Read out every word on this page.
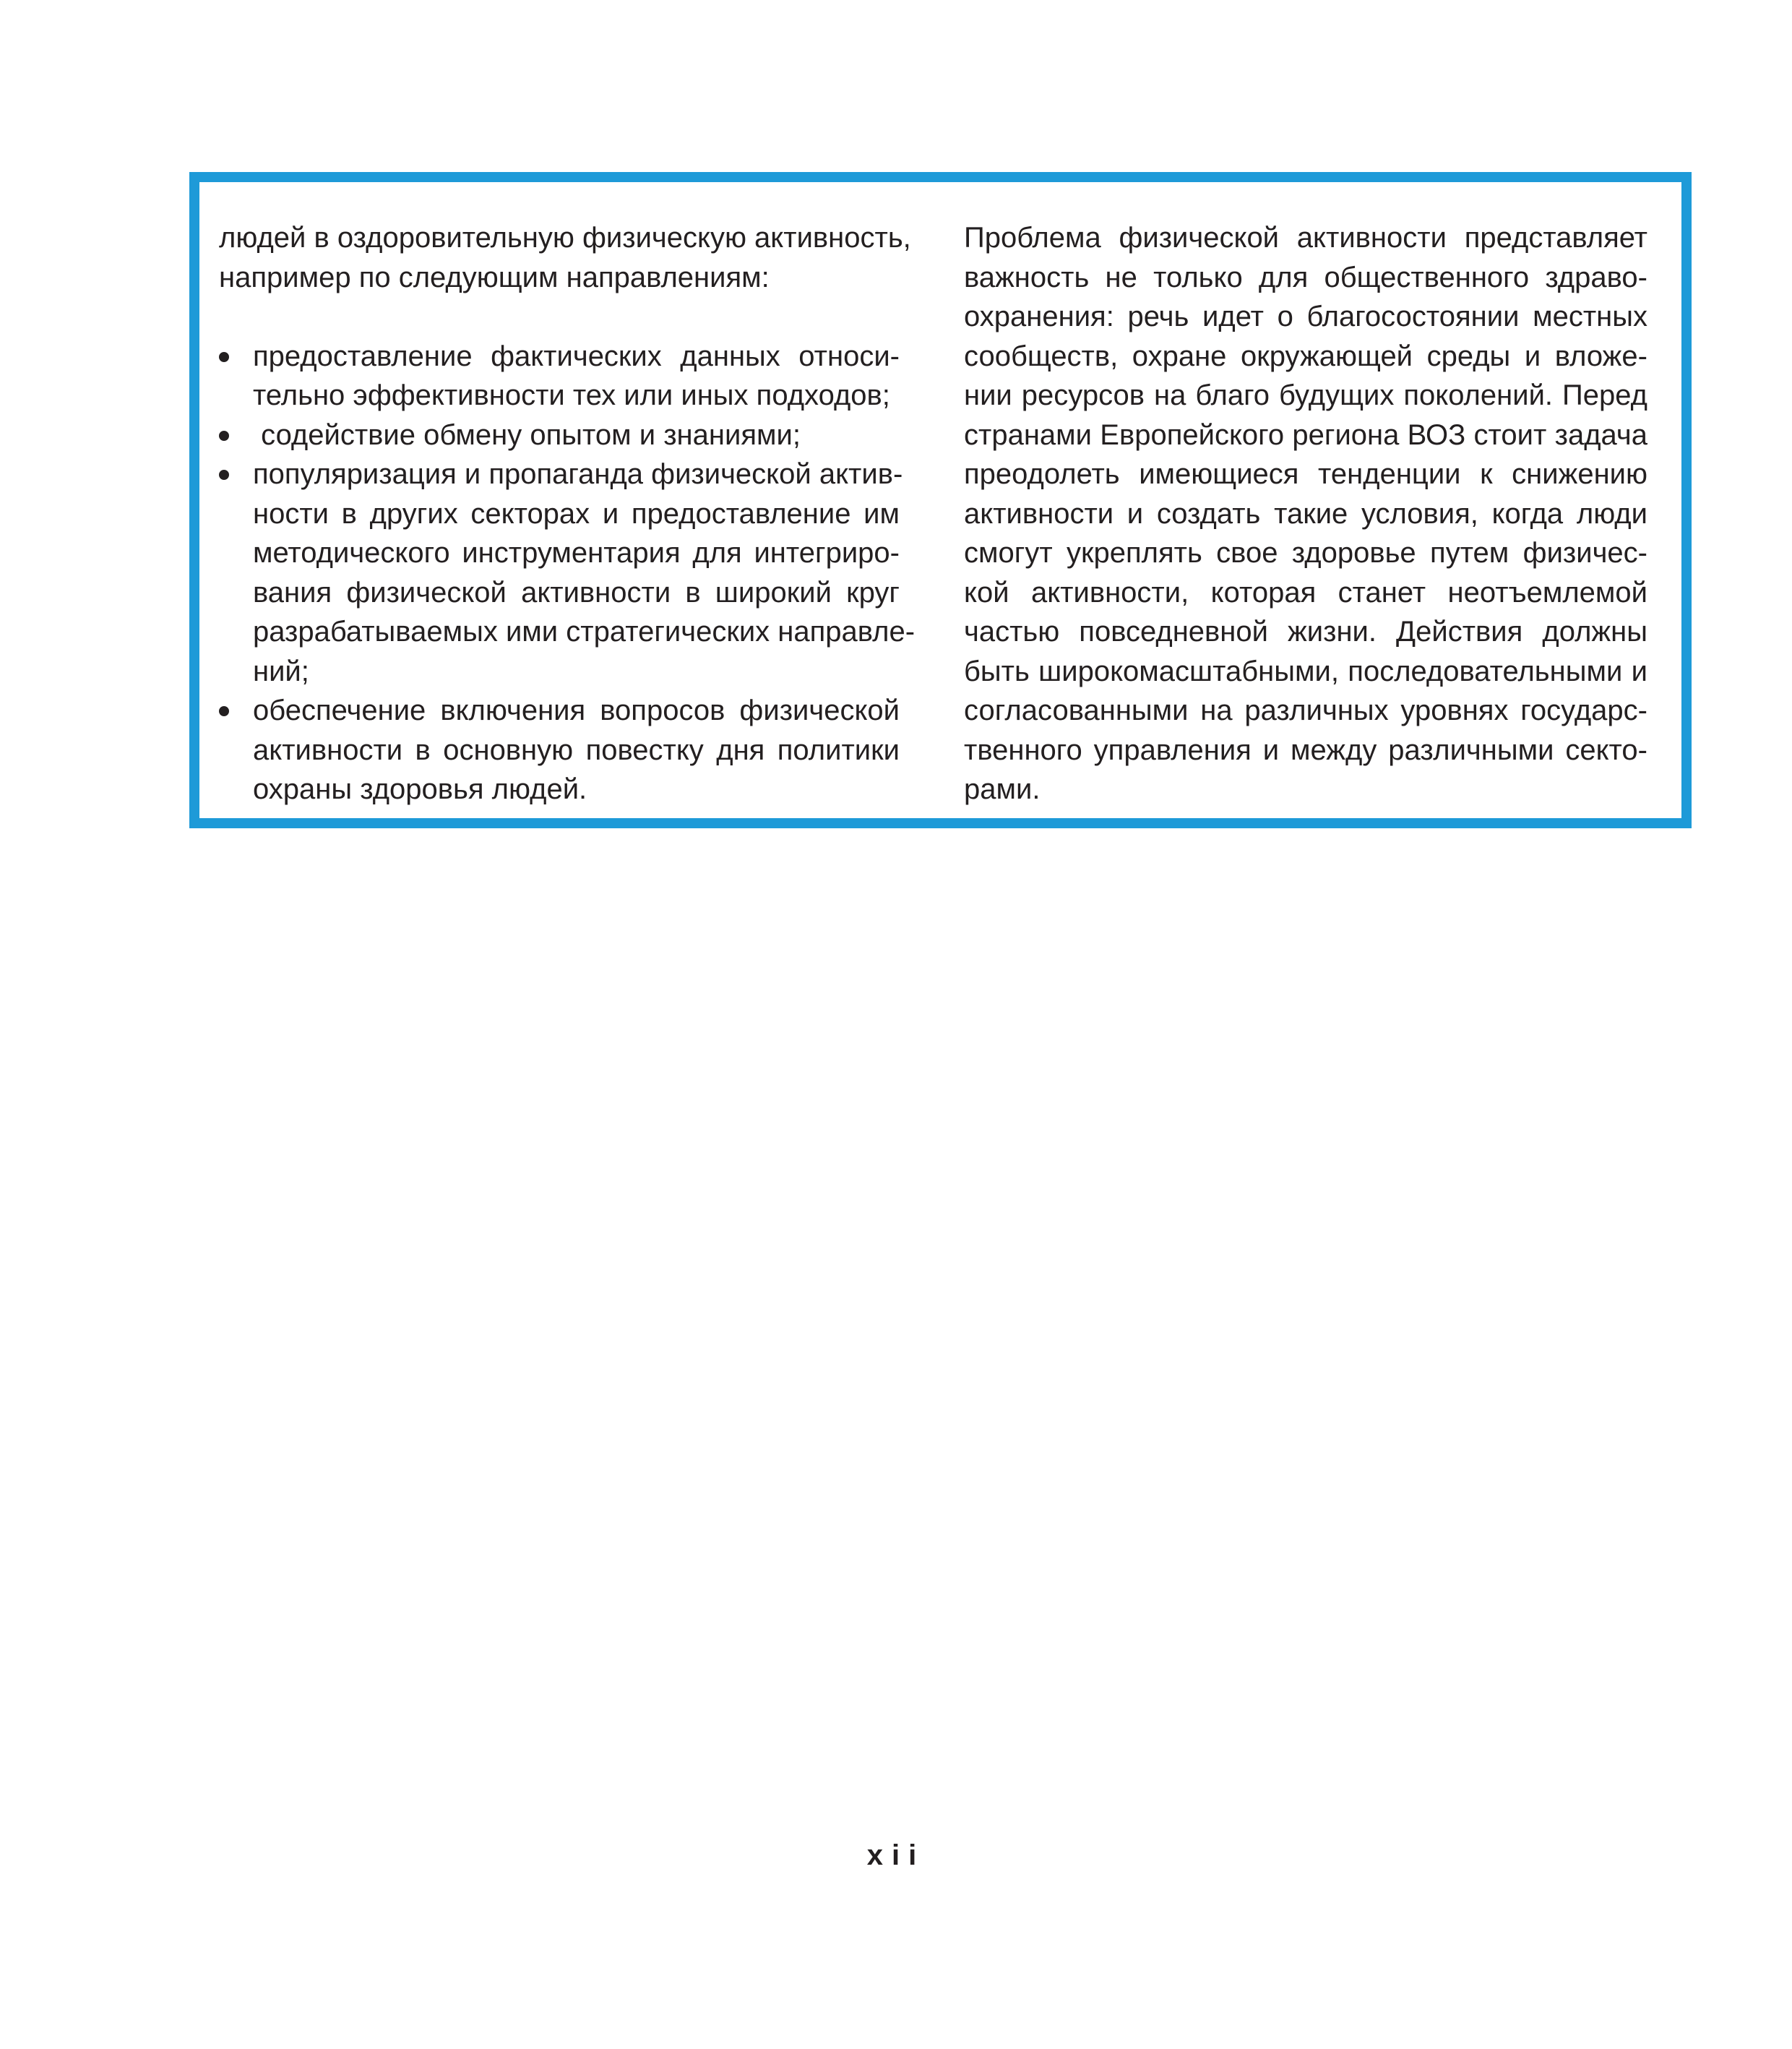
людей в оздоровительную физическую активность,
например по следующим направлениям:
предоставление фактических данных относи-
тельно эффективности тех или иных подходов;
содействие обмену опытом и знаниями;
популяризация и пропаганда физической актив-
ности в других секторах и предоставление им
методического инструментария для интегриро-
вания физической активности в широкий круг
разрабатываемых ими стратегических направле-
ний;
обеспечение включения вопросов физической
активности в основную повестку дня политики
охраны здоровья людей.
Проблема физической активности представляет
важность не только для общественного здраво-
охранения: речь идет о благосостоянии местных
сообществ, охране окружающей среды и вложе-
нии ресурсов на благо будущих поколений. Перед
странами Европейского региона ВОЗ стоит задача
преодолеть имеющиеся тенденции к снижению
активности и создать такие условия, когда люди
смогут укреплять свое здоровье путем физичес-
кой активности, которая станет неотъемлемой
частью повседневной жизни. Действия должны
быть широкомасштабными, последовательными и
согласованными на различных уровнях государс-
твенного управления и между различными секто-
рами.
xii
